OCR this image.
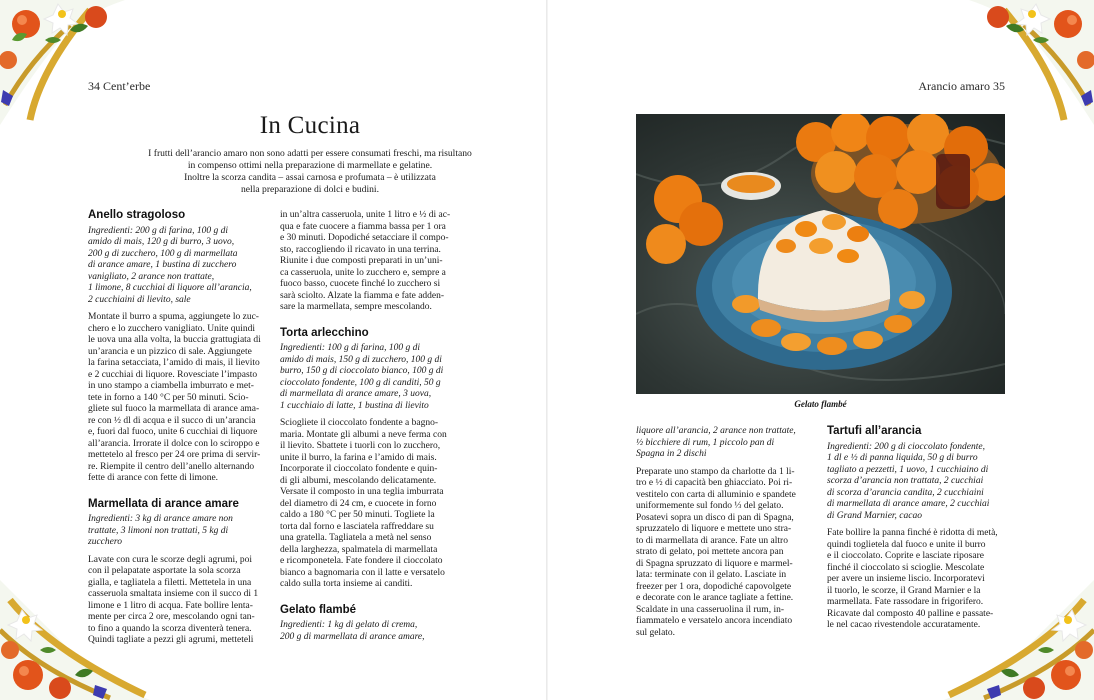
34 Cent’erbe	Arancio amaro 35
In Cucina
I frutti dell’arancio amaro non sono adatti per essere consumati freschi, ma risultano
in compenso ottimi nella preparazione di marmellate e gelatine.
Inoltre la scorza candita – assai carnosa e profumata – è utilizzata
nella preparazione di dolci e budini.
Anello stragoloso

Ingredienti: 200 g di farina, 100 g di
amido di mais, 120 g di burro, 3 uovo,
200 g di zucchero, 100 g di marmellata
di arance amare, 1 bustina di zucchero
vanigliato, 2 arance non trattate,
1 limone, 8 cucchiai di liquore all’arancia,
2 cucchiaini di lievito, sale

Montate il burro a spuma, aggiungete lo zuc-
chero e lo zucchero vanigliato. Unite quindi
le uova una alla volta, la buccia grattugiata di
un’arancia e un pizzico di sale. Aggiungete
la farina setacciata, l’amido di mais, il lievito
e 2 cucchiai di liquore. Rovesciate l’impasto
in uno stampo a ciambella imburrato e met-
tete in forno a 140 °C per 50 minuti. Scio-
gliete sul fuoco la marmellata di arance ama-
re con ½ dl di acqua e il succo di un’arancia
e, fuori dal fuoco, unite 6 cucchiai di liquore
all’arancia. Irrorate il dolce con lo sciroppo e
mettetelo al fresco per 24 ore prima di servir-
re. Riempite il centro dell’anello alternando
fette di arance con fette di limone.

Marmellata di arance amare

Ingredienti: 3 kg di arance amare non
trattate, 3 limoni non trattati, 5 kg di
zucchero

Lavate con cura le scorze degli agrumi, poi
con il pelapatate asportate la sola scorza
gialla, e tagliatela a filetti. Mettetela in una
casseruola smaltata insieme con il succo di 1
limone e 1 litro di acqua. Fate bollire lenta-
mente per circa 2 ore, mescolando ogni tan-
to fino a quando la scorza diventerà tenera.
Quindi tagliate a pezzi gli agrumi, metteteli

in un’altra casseruola, unite 1 litro e ½ di ac-
qua e fate cuocere a fiamma bassa per 1 ora
e 30 minuti. Dopodiché setacciare il compo-
sto, raccogliendo il ricavato in una terrina.
Riunite i due composti preparati in un’uni-
ca casseruola, unite lo zucchero e, sempre a
fuoco basso, cuocete finché lo zucchero si
sarà sciolto. Alzate la fiamma e fate adden-
sare la marmellata, sempre mescolando.

Torta arlecchino

Ingredienti: 100 g di farina, 100 g di
amido di mais, 150 g di zucchero, 100 g di
burro, 150 g di cioccolato bianco, 100 g di
cioccolato fondente, 100 g di canditi, 50 g
di marmellata di arance amare, 3 uova,
1 cucchiaio di latte, 1 bustina di lievito

Sciogliete il cioccolato fondente a bagno-
maria. Montate gli albumi a neve ferma con
il lievito. Sbattete i tuorli con lo zucchero,
unite il burro, la farina e l’amido di mais.
Incorporate il cioccolato fondente e quin-
di gli albumi, mescolando delicatamente.
Versate il composto in una teglia imburrata
del diametro di 24 cm, e cuocete in forno
caldo a 180 °C per 50 minuti. Togliete la
torta dal forno e lasciatela raffreddare su
una gratella. Tagliatela a metà nel senso
della larghezza, spalmatela di marmellata
e ricomponetela. Fate fondere il cioccolato
bianco a bagnomaria con il latte e versatelo
caldo sulla torta insieme ai canditi.

Gelato flambé

Ingredienti: 1 kg di gelato di crema,
200 g di marmellata di arance amare,

Gelato flambé

liquore all’arancia, 2 arance non trattate,
½ bicchiere di rum, 1 piccolo pan di
Spagna in 2 dischi

Preparate uno stampo da charlotte da 1 li-
tro e ½ di capacità ben ghiacciato. Poi ri-
vestitelo con carta di alluminio e spandete
uniformemente sul fondo ⅓ del gelato.
Posatevi sopra un disco di pan di Spagna,
spruzzatelo di liquore e mettete uno stra-
to di marmellata di arance. Fate un altro
strato di gelato, poi mettete ancora pan
di Spagna spruzzato di liquore e marmel-
lata: terminate con il gelato. Lasciate in
freezer per 1 ora, dopodiché capovolgete
e decorate con le arance tagliate a fettine.
Scaldate in una casseruolina il rum, in-
fiammatelo e versatelo ancora incendiato
sul gelato.

Tartufi all’arancia

Ingredienti: 200 g di cioccolato fondente,
1 dl e ½ di panna liquida, 50 g di burro
tagliato a pezzetti, 1 uovo, 1 cucchiaino di
scorza d’arancia non trattata, 2 cucchiai
di scorza d’arancia candita, 2 cucchiaini
di marmellata di arance amare, 2 cucchiai
di Grand Marnier, cacao

Fate bollire la panna finché è ridotta di metà,
quindi toglietela dal fuoco e unite il burro
e il cioccolato. Coprite e lasciate riposare
finché il cioccolato si scioglie. Mescolate
per avere un insieme liscio. Incorporatevi
il tuorlo, le scorze, il Grand Marnier e la
marmellata. Fate rassodare in frigorifero.
Ricavate dal composto 40 palline e passate-
le nel cacao rivestendole accuratamente.
